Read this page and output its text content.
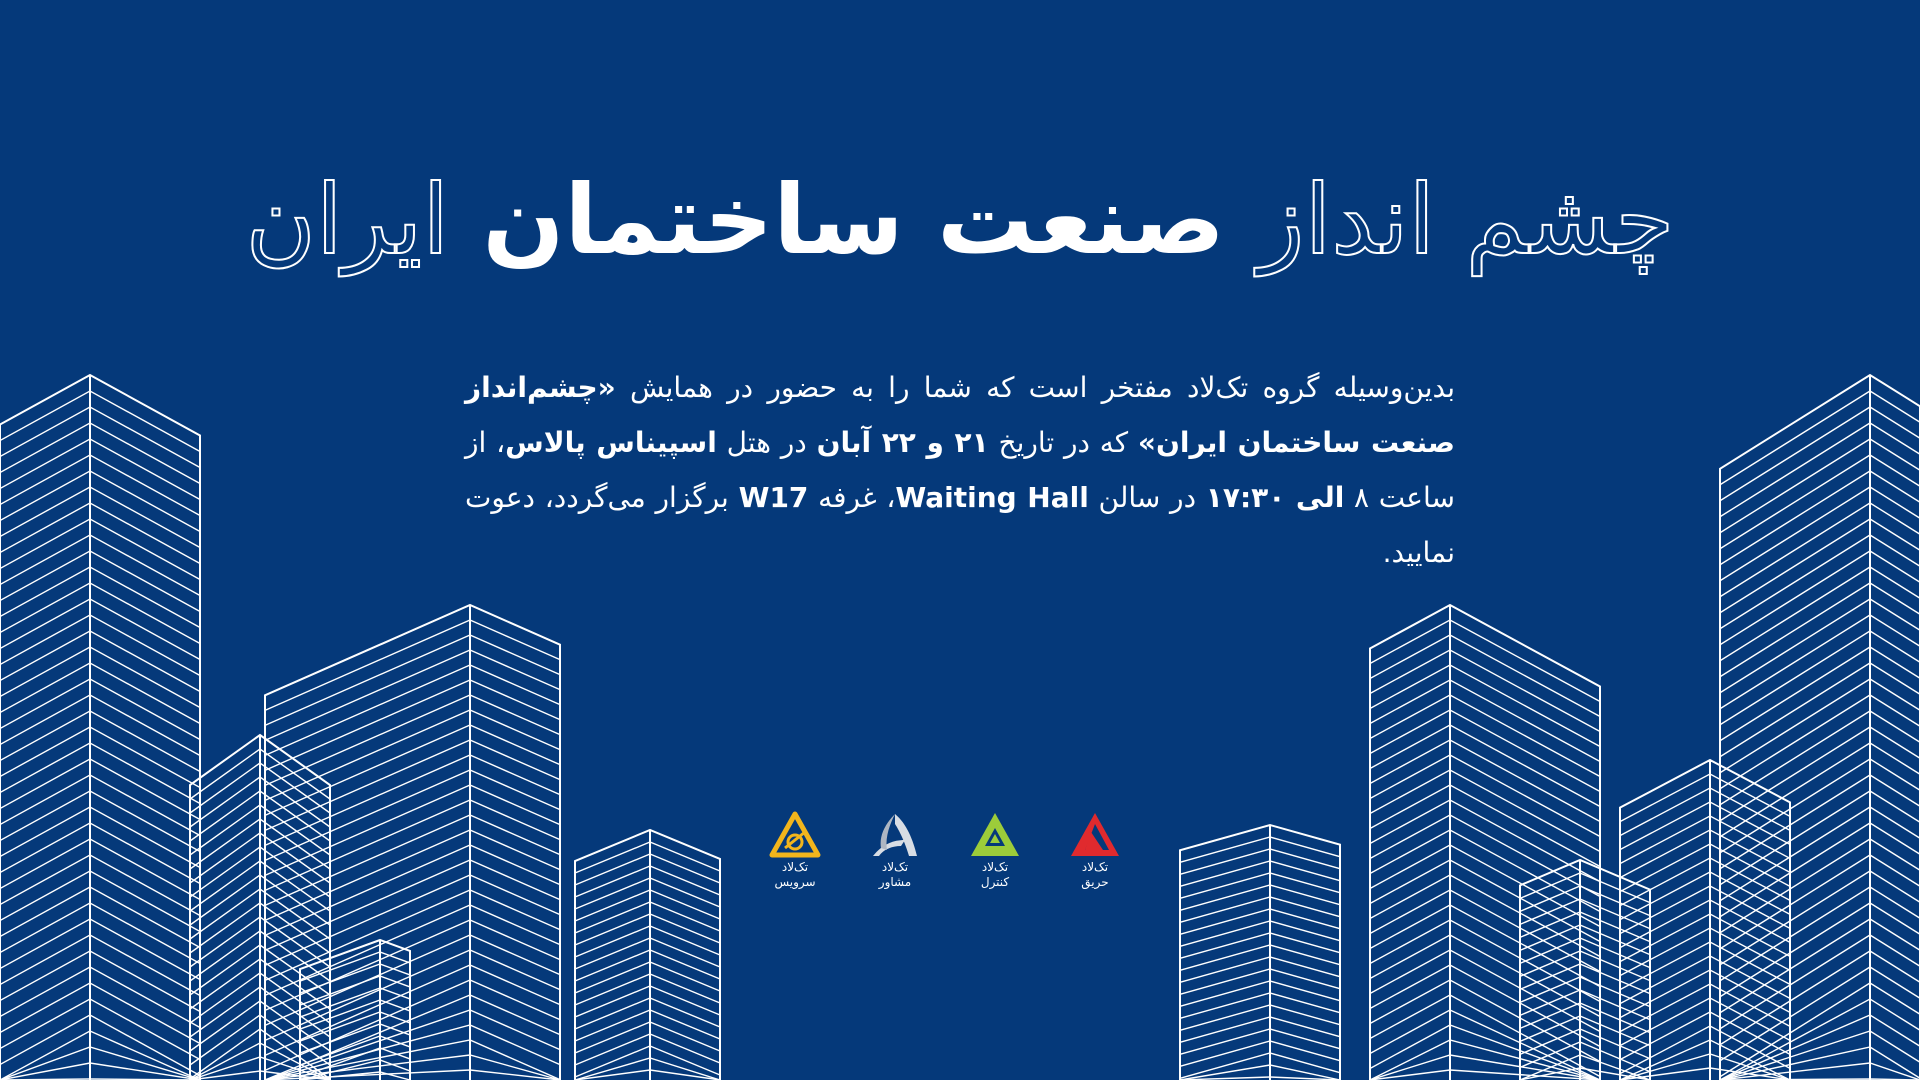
چشم انداز صنعت ساختمان ایران
بدین‌وسیله گروه تک‌لاد مفتخر است که شما را به حضور در همایش «چشم‌انداز صنعت ساختمان ایران» که در تاریخ ۲۱ و ۲۲ آبان در هتل اسپیناس پالاس، از ساعت ۸ الی ۱۷:۳۰ در سالن Waiting Hall، غرفه W17 برگزار می‌گردد، دعوت نمایید.
تک‌لاد
حریق
تک‌لاد
کنترل
تک‌لاد
مشاور
تک‌لاد
سرویس
